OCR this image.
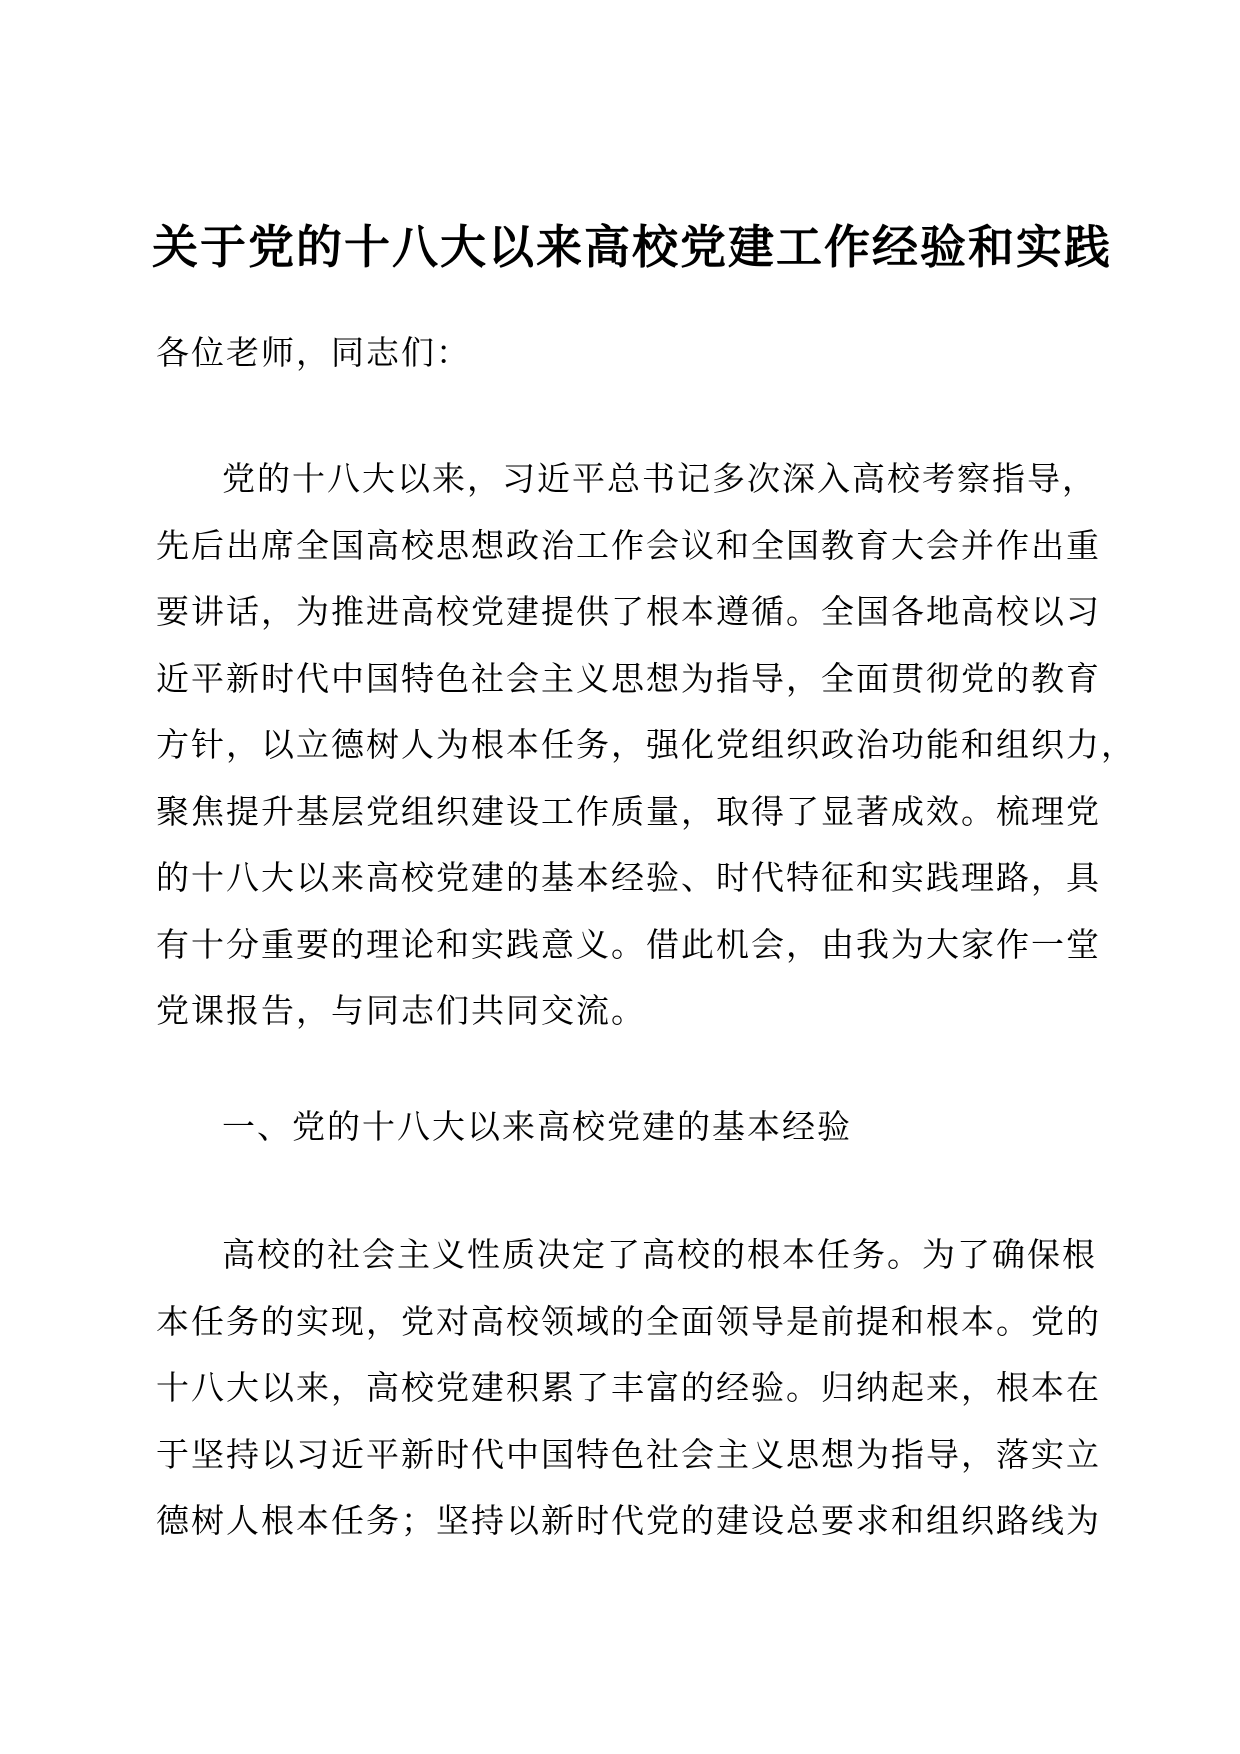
关于党的十八大以来高校党建工作经验和实践
各位老师，同志们：
党的十八大以来，习近平总书记多次深入高校考察指导，
先后出席全国高校思想政治工作会议和全国教育大会并作出重
要讲话，为推进高校党建提供了根本遵循。全国各地高校以习
近平新时代中国特色社会主义思想为指导，全面贯彻党的教育
方针，以立德树人为根本任务，强化党组织政治功能和组织力，
聚焦提升基层党组织建设工作质量，取得了显著成效。梳理党
的十八大以来高校党建的基本经验、时代特征和实践理路，具
有十分重要的理论和实践意义。借此机会，由我为大家作一堂
党课报告，与同志们共同交流。
一、党的十八大以来高校党建的基本经验
高校的社会主义性质决定了高校的根本任务。为了确保根
本任务的实现，党对高校领域的全面领导是前提和根本。党的
十八大以来，高校党建积累了丰富的经验。归纳起来，根本在
于坚持以习近平新时代中国特色社会主义思想为指导，落实立
德树人根本任务；坚持以新时代党的建设总要求和组织路线为
